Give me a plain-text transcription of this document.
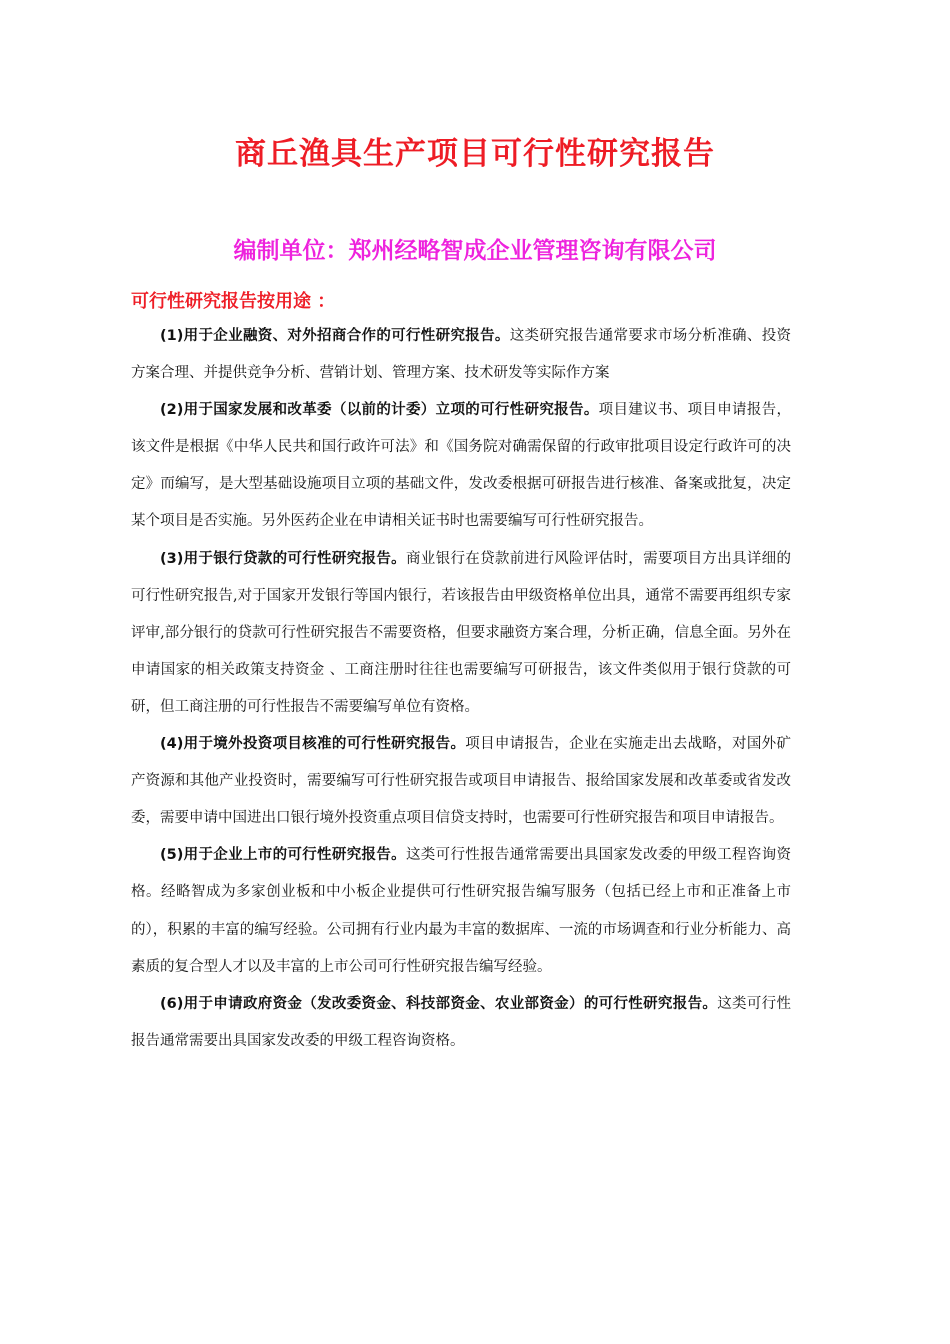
商丘渔具生产项目可行性研究报告
编制单位：郑州经略智成企业管理咨询有限公司
可行性研究报告按用途 ：

(1)用于企业融资、对外招商合作的可行性研究报告。这类研究报告通常要求市场分析准确、投资方案合理、并提供竞争分析、营销计划、管理方案、技术研发等实际作方案

(2)用于国家发展和改革委（以前的计委）立项的可行性研究报告。项目建议书、项目申请报告，该文件是根据《中华人民共和国行政许可法》和《国务院对确需保留的行政审批项目设定行政许可的决定》而编写，是大型基础设施项目立项的基础文件，发改委根据可研报告进行核准、备案或批复，决定某个项目是否实施。另外医药企业在申请相关证书时也需要编写可行性研究报告。

(3)用于银行贷款的可行性研究报告。商业银行在贷款前进行风险评估时，需要项目方出具详细的可行性研究报告,对于国家开发银行等国内银行，若该报告由甲级资格单位出具，通常不需要再组织专家评审,部分银行的贷款可行性研究报告不需要资格，但要求融资方案合理，分析正确，信息全面。另外在申请国家的相关政策支持资金 、工商注册时往往也需要编写可研报告，该文件类似用于银行贷款的可研，但工商注册的可行性报告不需要编写单位有资格。

(4)用于境外投资项目核准的可行性研究报告。项目申请报告，企业在实施走出去战略，对国外矿产资源和其他产业投资时，需要编写可行性研究报告或项目申请报告、报给国家发展和改革委或省发改委，需要申请中国进出口银行境外投资重点项目信贷支持时，也需要可行性研究报告和项目申请报告。

(5)用于企业上市的可行性研究报告。这类可行性报告通常需要出具国家发改委的甲级工程咨询资格。经略智成为多家创业板和中小板企业提供可行性研究报告编写服务（包括已经上市和正准备上市的），积累的丰富的编写经验。公司拥有行业内最为丰富的数据库、一流的市场调查和行业分析能力、高素质的复合型人才以及丰富的上市公司可行性研究报告编写经验。

(6)用于申请政府资金（发改委资金、科技部资金、农业部资金）的可行性研究报告。这类可行性报告通常需要出具国家发改委的甲级工程咨询资格。
